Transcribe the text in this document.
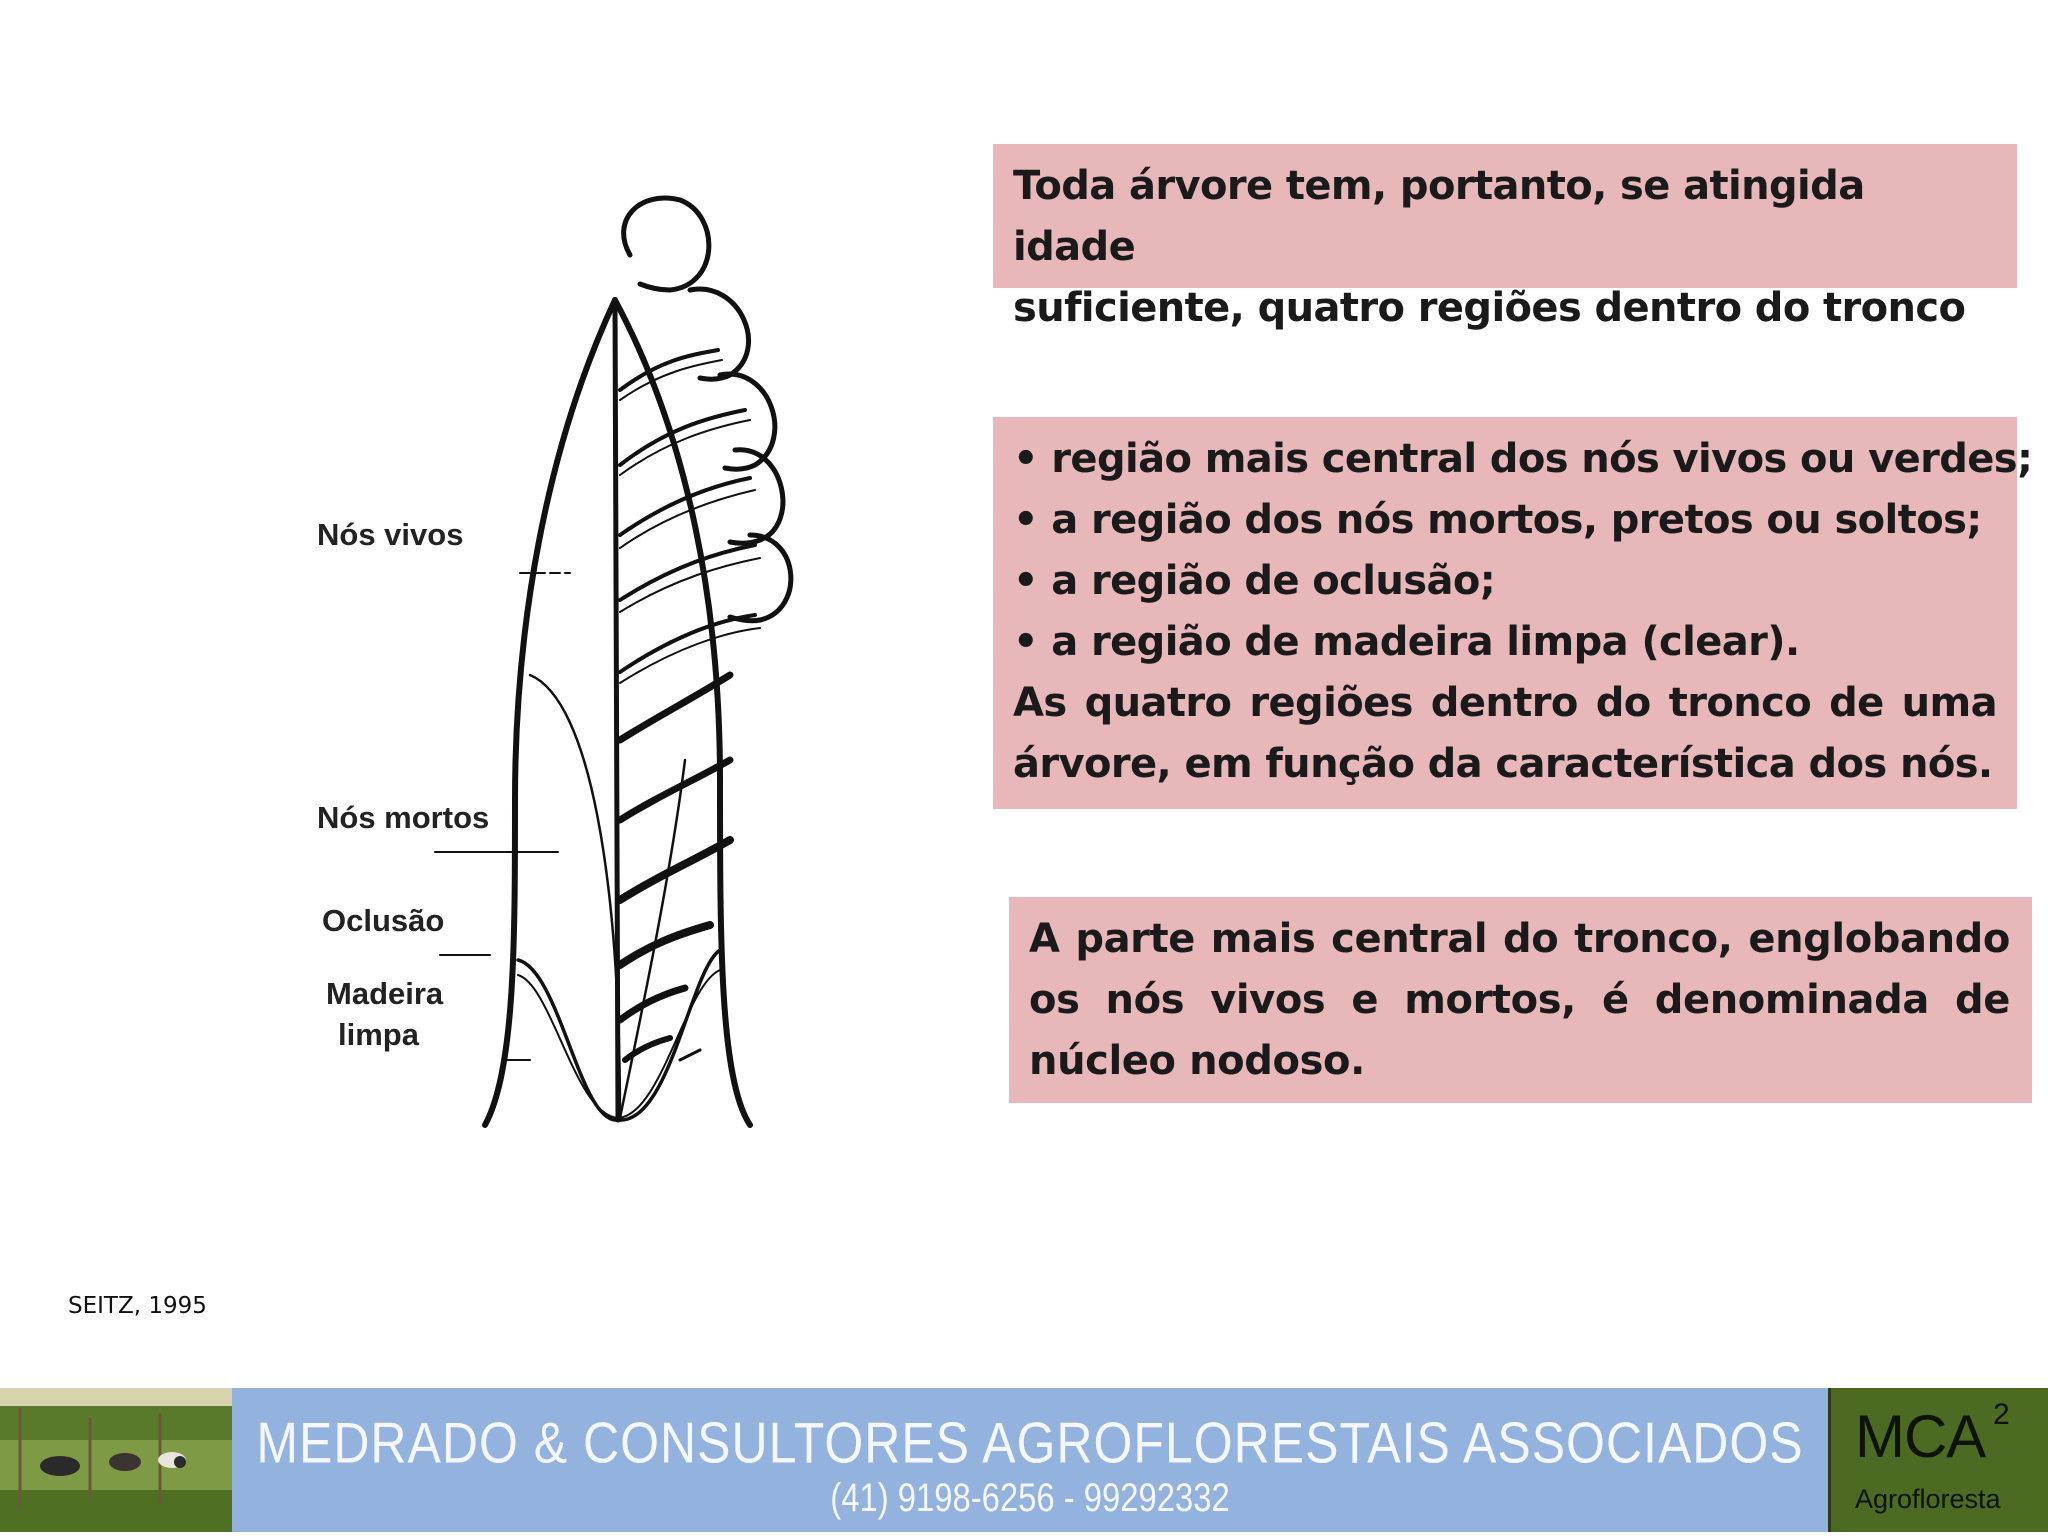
Nós vivos
Nós mortos
Oclusão
Madeira
limpa
Toda árvore tem, portanto, se atingida idade
suficiente, quatro regiões dentro do tronco
• região mais central dos nós vivos ou verdes;
• a região dos nós mortos, pretos ou soltos;
• a região de oclusão;
• a região de madeira limpa (clear).
As quatro regiões dentro do tronco de uma árvore, em função da característica dos nós.
A parte mais central do tronco, englobando os nós vivos e mortos, é denominada de núcleo nodoso.
SEITZ, 1995
MEDRADO & CONSULTORES AGROFLORESTAIS ASSOCIADOS
(41) 9198-6256 - 99292332
MCA 2
Agrofloresta
